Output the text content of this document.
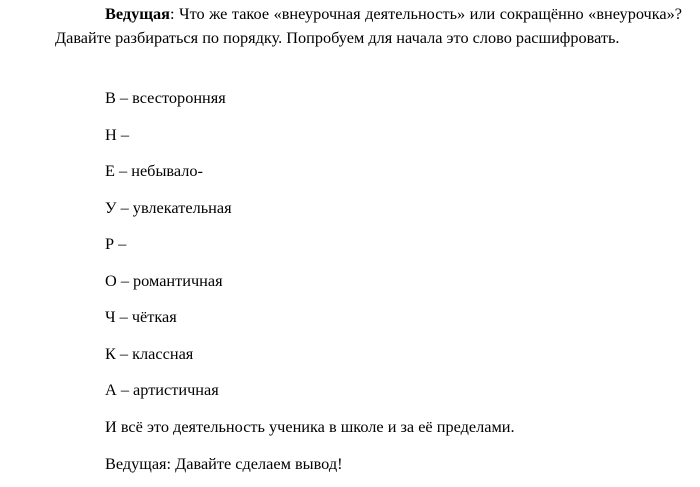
Ведущая: Что же такое «внеурочная деятельность» или сокращённо «внеурочка»? Давайте разбираться по порядку. Попробуем для начала это слово расшифровать.

В – всесторонняя

Н –

Е – небывало-

У – увлекательная

Р –

О – романтичная

Ч – чёткая

К – классная

А – артистичная

И всё это деятельность ученика в школе и за её пределами.

Ведущая: Давайте сделаем вывод!
